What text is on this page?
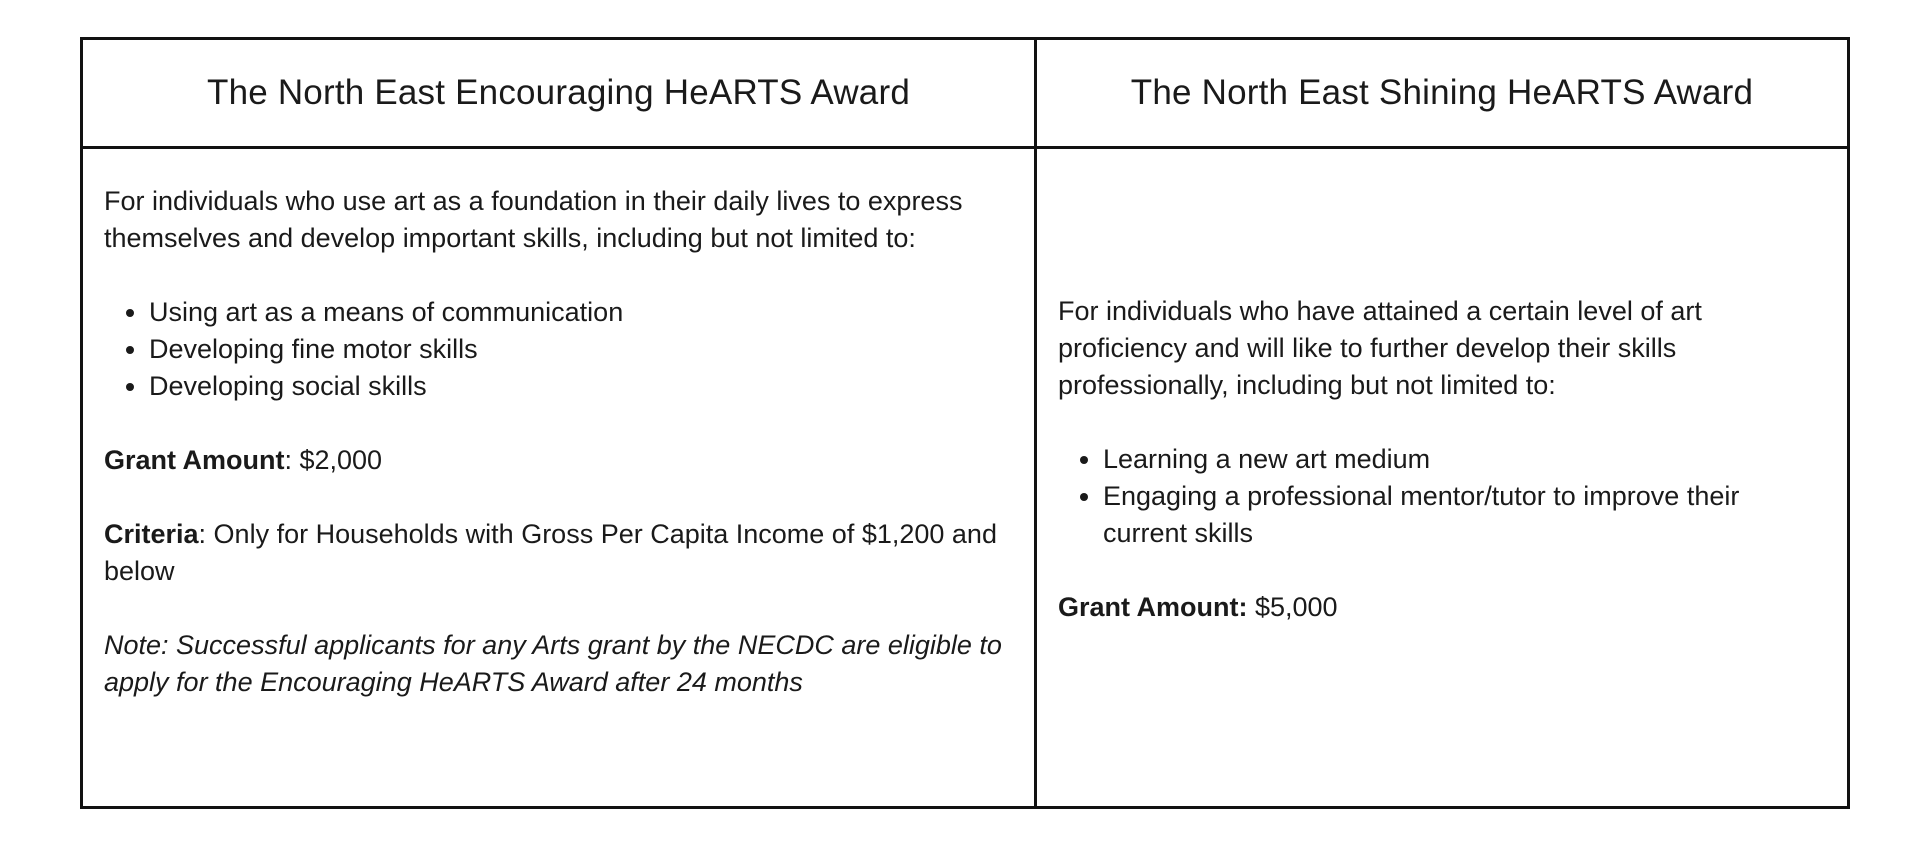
The North East Encouraging HeARTS Award	The North East Shining HeARTS Award

For individuals who use art as a foundation in their daily lives to express themselves and develop important skills, including but not limited to:

• Using art as a means of communication
• Developing fine motor skills
• Developing social skills

Grant Amount: $2,000

Criteria: Only for Households with Gross Per Capita Income of $1,200 and below

Note: Successful applicants for any Arts grant by the NECDC are eligible to apply for the Encouraging HeARTS Award after 24 months

For individuals who have attained a certain level of art proficiency and will like to further develop their skills professionally, including but not limited to:

• Learning a new art medium
• Engaging a professional mentor/tutor to improve their current skills

Grant Amount: $5,000
